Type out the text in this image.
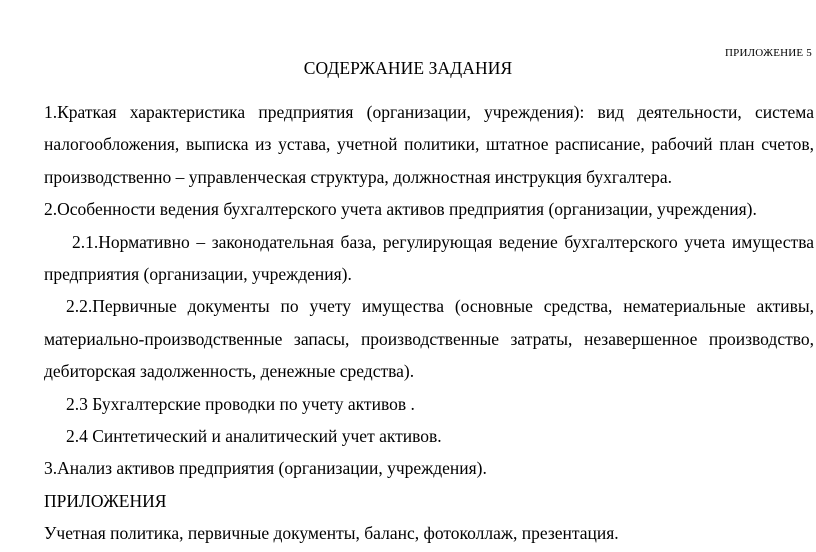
ПРИЛОЖЕНИЕ 5
СОДЕРЖАНИЕ ЗАДАНИЯ

1.Краткая характеристика предприятия (организации, учреждения): вид деятельности, система налогообложения, выписка из устава, учетной политики, штатное расписание, рабочий план счетов, производственно – управленческая структура, должностная инструкция бухгалтера.

2.Особенности ведения бухгалтерского учета активов предприятия (организации, учреждения).

2.1.Нормативно – законодательная база, регулирующая ведение бухгалтерского учета имущества предприятия (организации, учреждения).

2.2.Первичные документы по учету имущества (основные средства, нематериальные активы, материально-производственные запасы, производственные затраты, незавершенное производство, дебиторская задолженность, денежные средства).

2.3 Бухгалтерские проводки по учету активов .

2.4 Синтетический и аналитический учет активов.

3.Анализ активов предприятия (организации, учреждения).

ПРИЛОЖЕНИЯ

Учетная политика, первичные документы, баланс, фотоколлаж, презентация.
